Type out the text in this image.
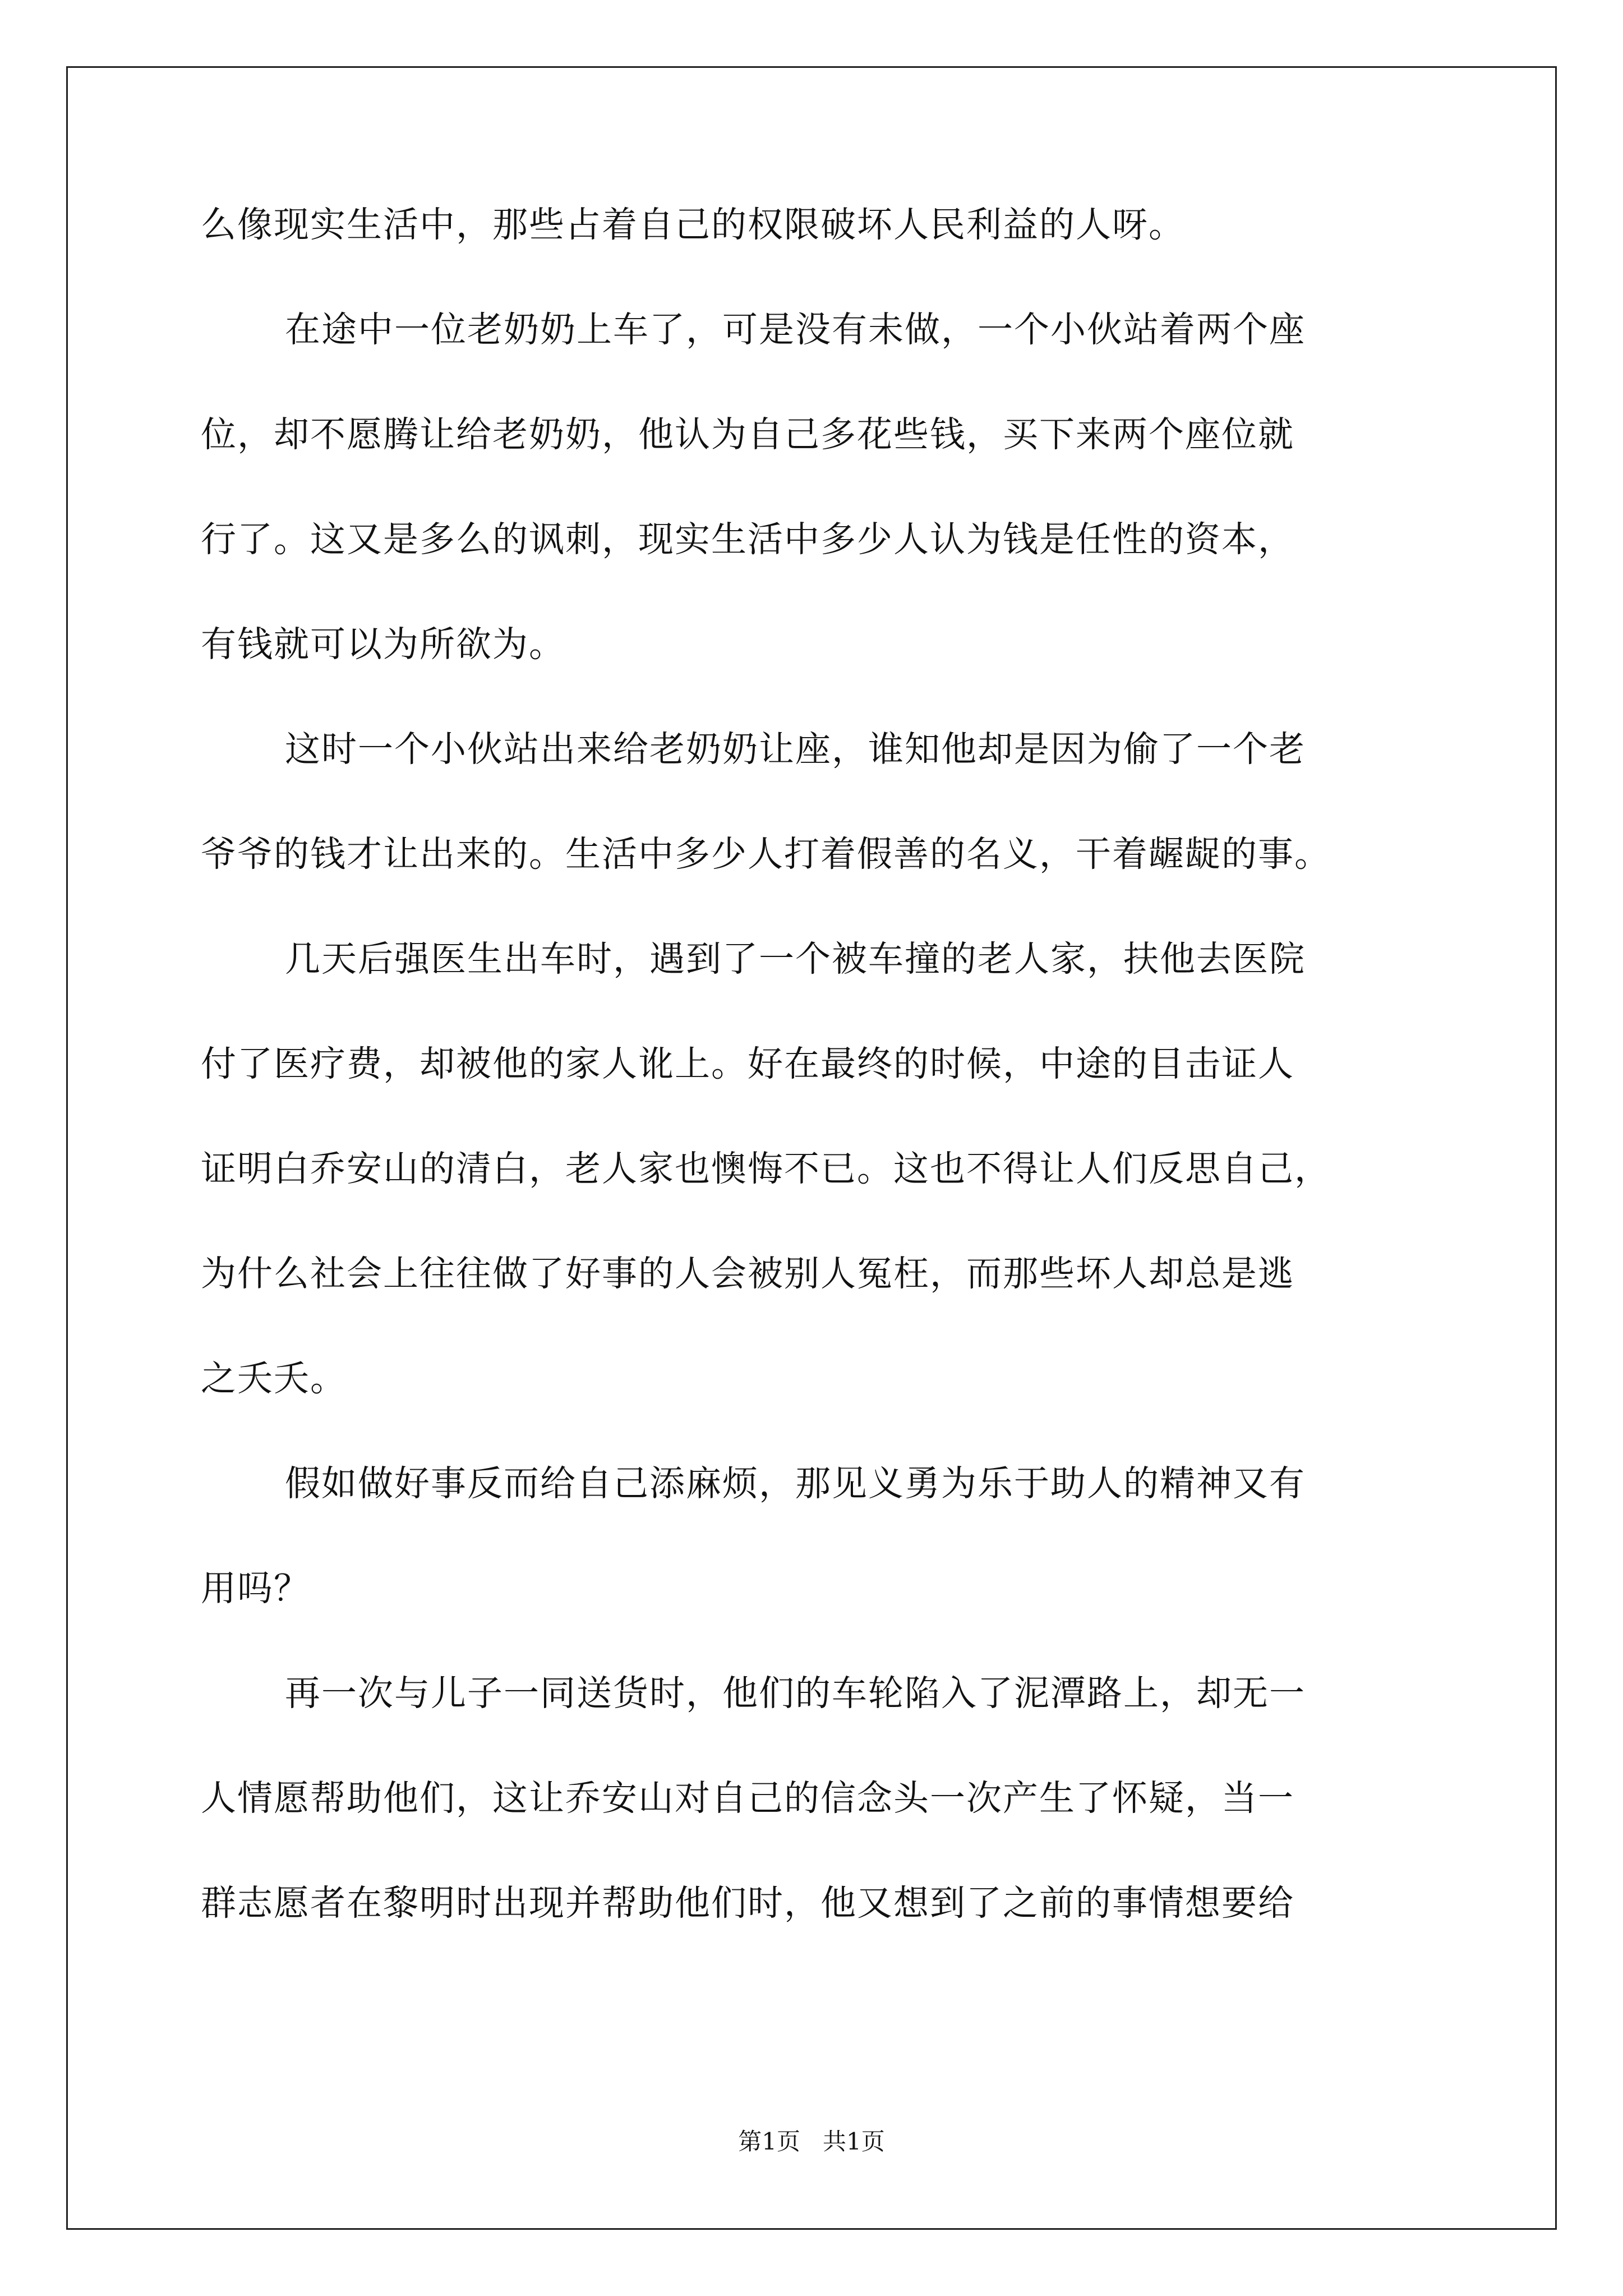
么像现实生活中，那些占着自己的权限破坏人民利益的人呀。
在途中一位老奶奶上车了，可是没有未做，一个小伙站着两个座
位，却不愿腾让给老奶奶，他认为自己多花些钱，买下来两个座位就
行了。这又是多么的讽刺，现实生活中多少人认为钱是任性的资本，
有钱就可以为所欲为。
这时一个小伙站出来给老奶奶让座，谁知他却是因为偷了一个老
爷爷的钱才让出来的。生活中多少人打着假善的名义，干着龌龊的事。
几天后强医生出车时，遇到了一个被车撞的老人家，扶他去医院
付了医疗费，却被他的家人讹上。好在最终的时候，中途的目击证人
证明白乔安山的清白，老人家也懊悔不已。这也不得让人们反思自己，
为什么社会上往往做了好事的人会被别人冤枉，而那些坏人却总是逃
之夭夭。
假如做好事反而给自己添麻烦，那见义勇为乐于助人的精神又有
用吗？
再一次与儿子一同送货时，他们的车轮陷入了泥潭路上，却无一
人情愿帮助他们，这让乔安山对自己的信念头一次产生了怀疑，当一
群志愿者在黎明时出现并帮助他们时，他又想到了之前的事情想要给
第1页   共1页
